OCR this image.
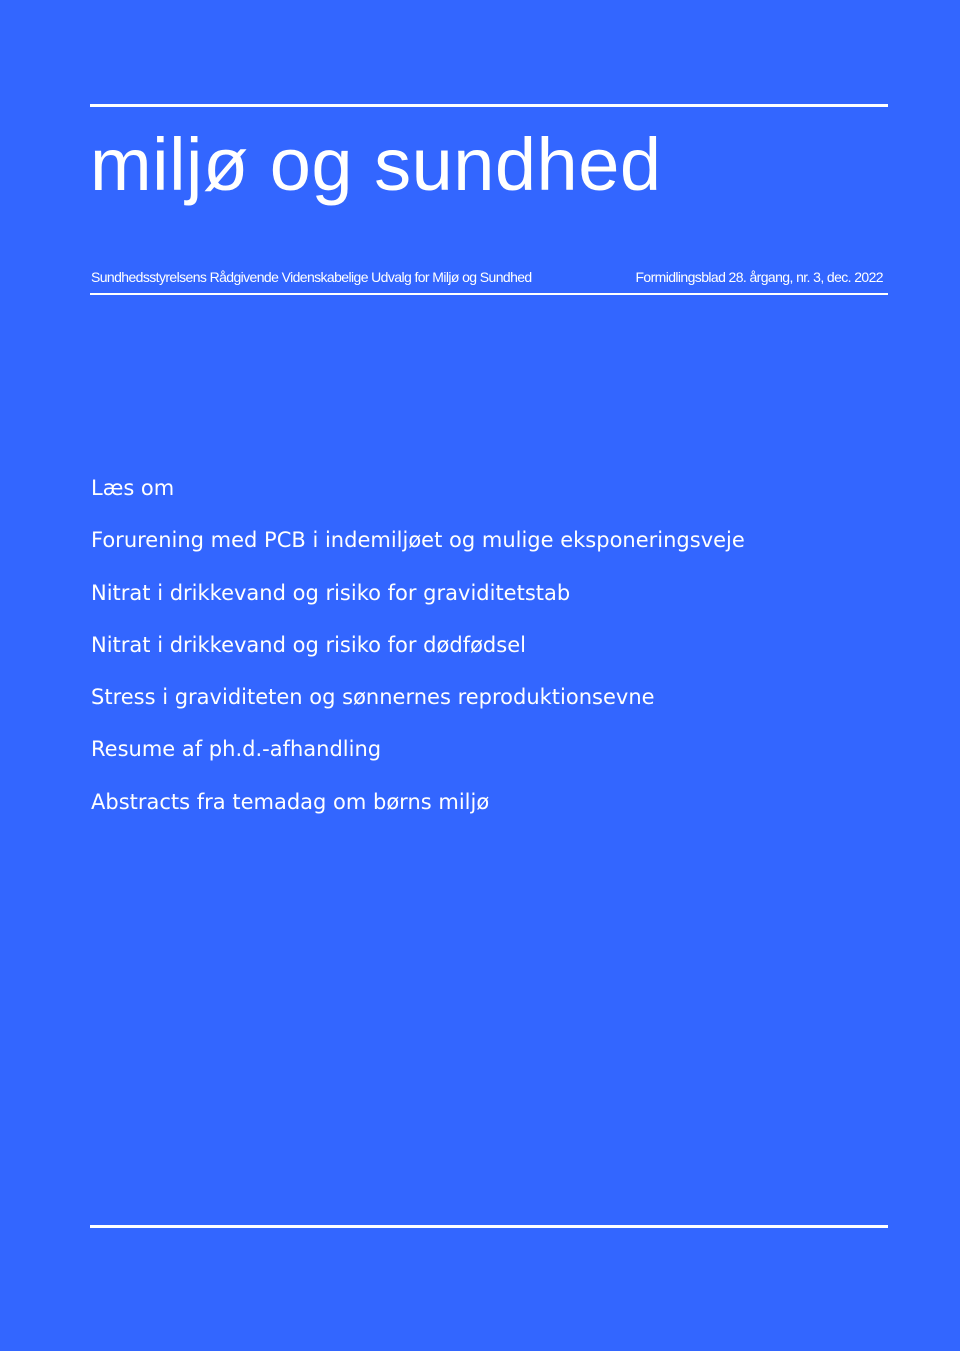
miljø og sundhed
Sundhedsstyrelsens Rådgivende Videnskabelige Udvalg for Miljø og Sundhed	Formidlingsblad 28. årgang, nr. 3, dec. 2022
Læs om
Forurening med PCB i indemiljøet og mulige eksponeringsveje
Nitrat i drikkevand og risiko for graviditetstab
Nitrat i drikkevand og risiko for dødfødsel
Stress i graviditeten og sønnernes reproduktionsevne
Resume af ph.d.-afhandling
Abstracts fra temadag om børns miljø
